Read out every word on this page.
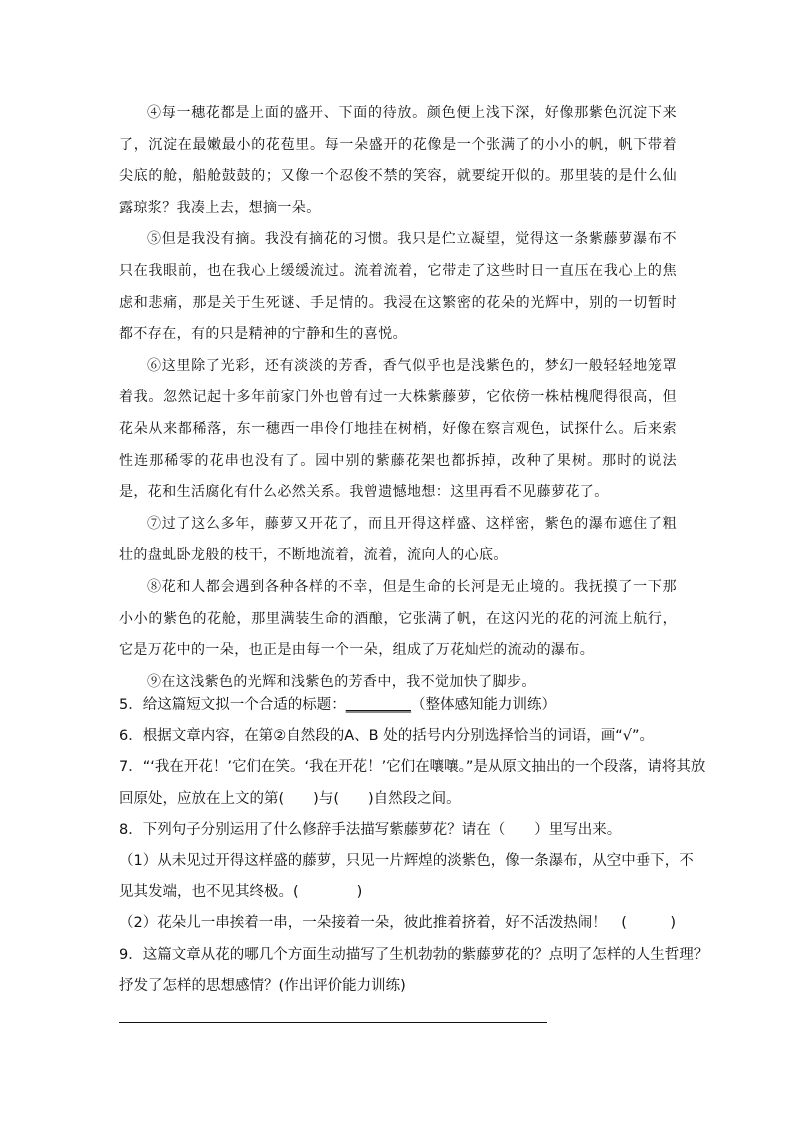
④每一穗花都是上面的盛开、下面的待放。颜色便上浅下深，好像那紫色沉淀下来了，沉淀在最嫩最小的花苞里。每一朵盛开的花像是一个张满了的小小的帆，帆下带着尖底的舱，船舱鼓鼓的；又像一个忍俊不禁的笑容，就要绽开似的。那里装的是什么仙露琼浆？我凑上去，想摘一朵。

⑤但是我没有摘。我没有摘花的习惯。我只是伫立凝望，觉得这一条紫藤萝瀑布不只在我眼前，也在我心上缓缓流过。流着流着，它带走了这些时日一直压在我心上的焦虑和悲痛，那是关于生死谜、手足情的。我浸在这繁密的花朵的光辉中，别的一切暂时都不存在，有的只是精神的宁静和生的喜悦。

⑥这里除了光彩，还有淡淡的芳香，香气似乎也是浅紫色的，梦幻一般轻轻地笼罩着我。忽然记起十多年前家门外也曾有过一大株紫藤萝，它依傍一株枯槐爬得很高，但花朵从来都稀落，东一穗西一串伶仃地挂在树梢，好像在察言观色，试探什么。后来索性连那稀零的花串也没有了。园中别的紫藤花架也都拆掉，改种了果树。那时的说法是，花和生活腐化有什么必然关系。我曾遗憾地想：这里再看不见藤萝花了。

⑦过了这么多年，藤萝又开花了，而且开得这样盛、这样密，紫色的瀑布遮住了粗壮的盘虬卧龙般的枝干，不断地流着，流着，流向人的心底。

⑧花和人都会遇到各种各样的不幸，但是生命的长河是无止境的。我抚摸了一下那小小的紫色的花舱，那里满装生命的酒酿，它张满了帆，在这闪光的花的河流上航行，它是万花中的一朵，也正是由每一个一朵，组成了万花灿烂的流动的瀑布。

⑨在这浅紫色的光辉和浅紫色的芳香中，我不觉加快了脚步。

5．给这篇短文拟一个合适的标题：_________（整体感知能力训练）

6．根据文章内容，在第②自然段的A、B 处的括号内分别选择恰当的词语，画“√”。

7．“‘我在开花！’它们在笑。‘我在开花！’它们在嚷嚷。”是从原文抽出的一个段落，请将其放

回原处，应放在上文的第(　　)与(　　)自然段之间。

8．下列句子分别运用了什么修辞手法描写紫藤萝花？请在（　　）里写出来。

（1）从未见过开得这样盛的藤萝，只见一片辉煌的淡紫色，像一条瀑布，从空中垂下，不

见其发端，也不见其终极。(　　　　)

（2）花朵儿一串挨着一串，一朵接着一朵，彼此推着挤着，好不活泼热闹！　(　　　)

9．这篇文章从花的哪几个方面生动描写了生机勃勃的紫藤萝花的？点明了怎样的人生哲理？

抒发了怎样的思想感情？(作出评价能力训练)
